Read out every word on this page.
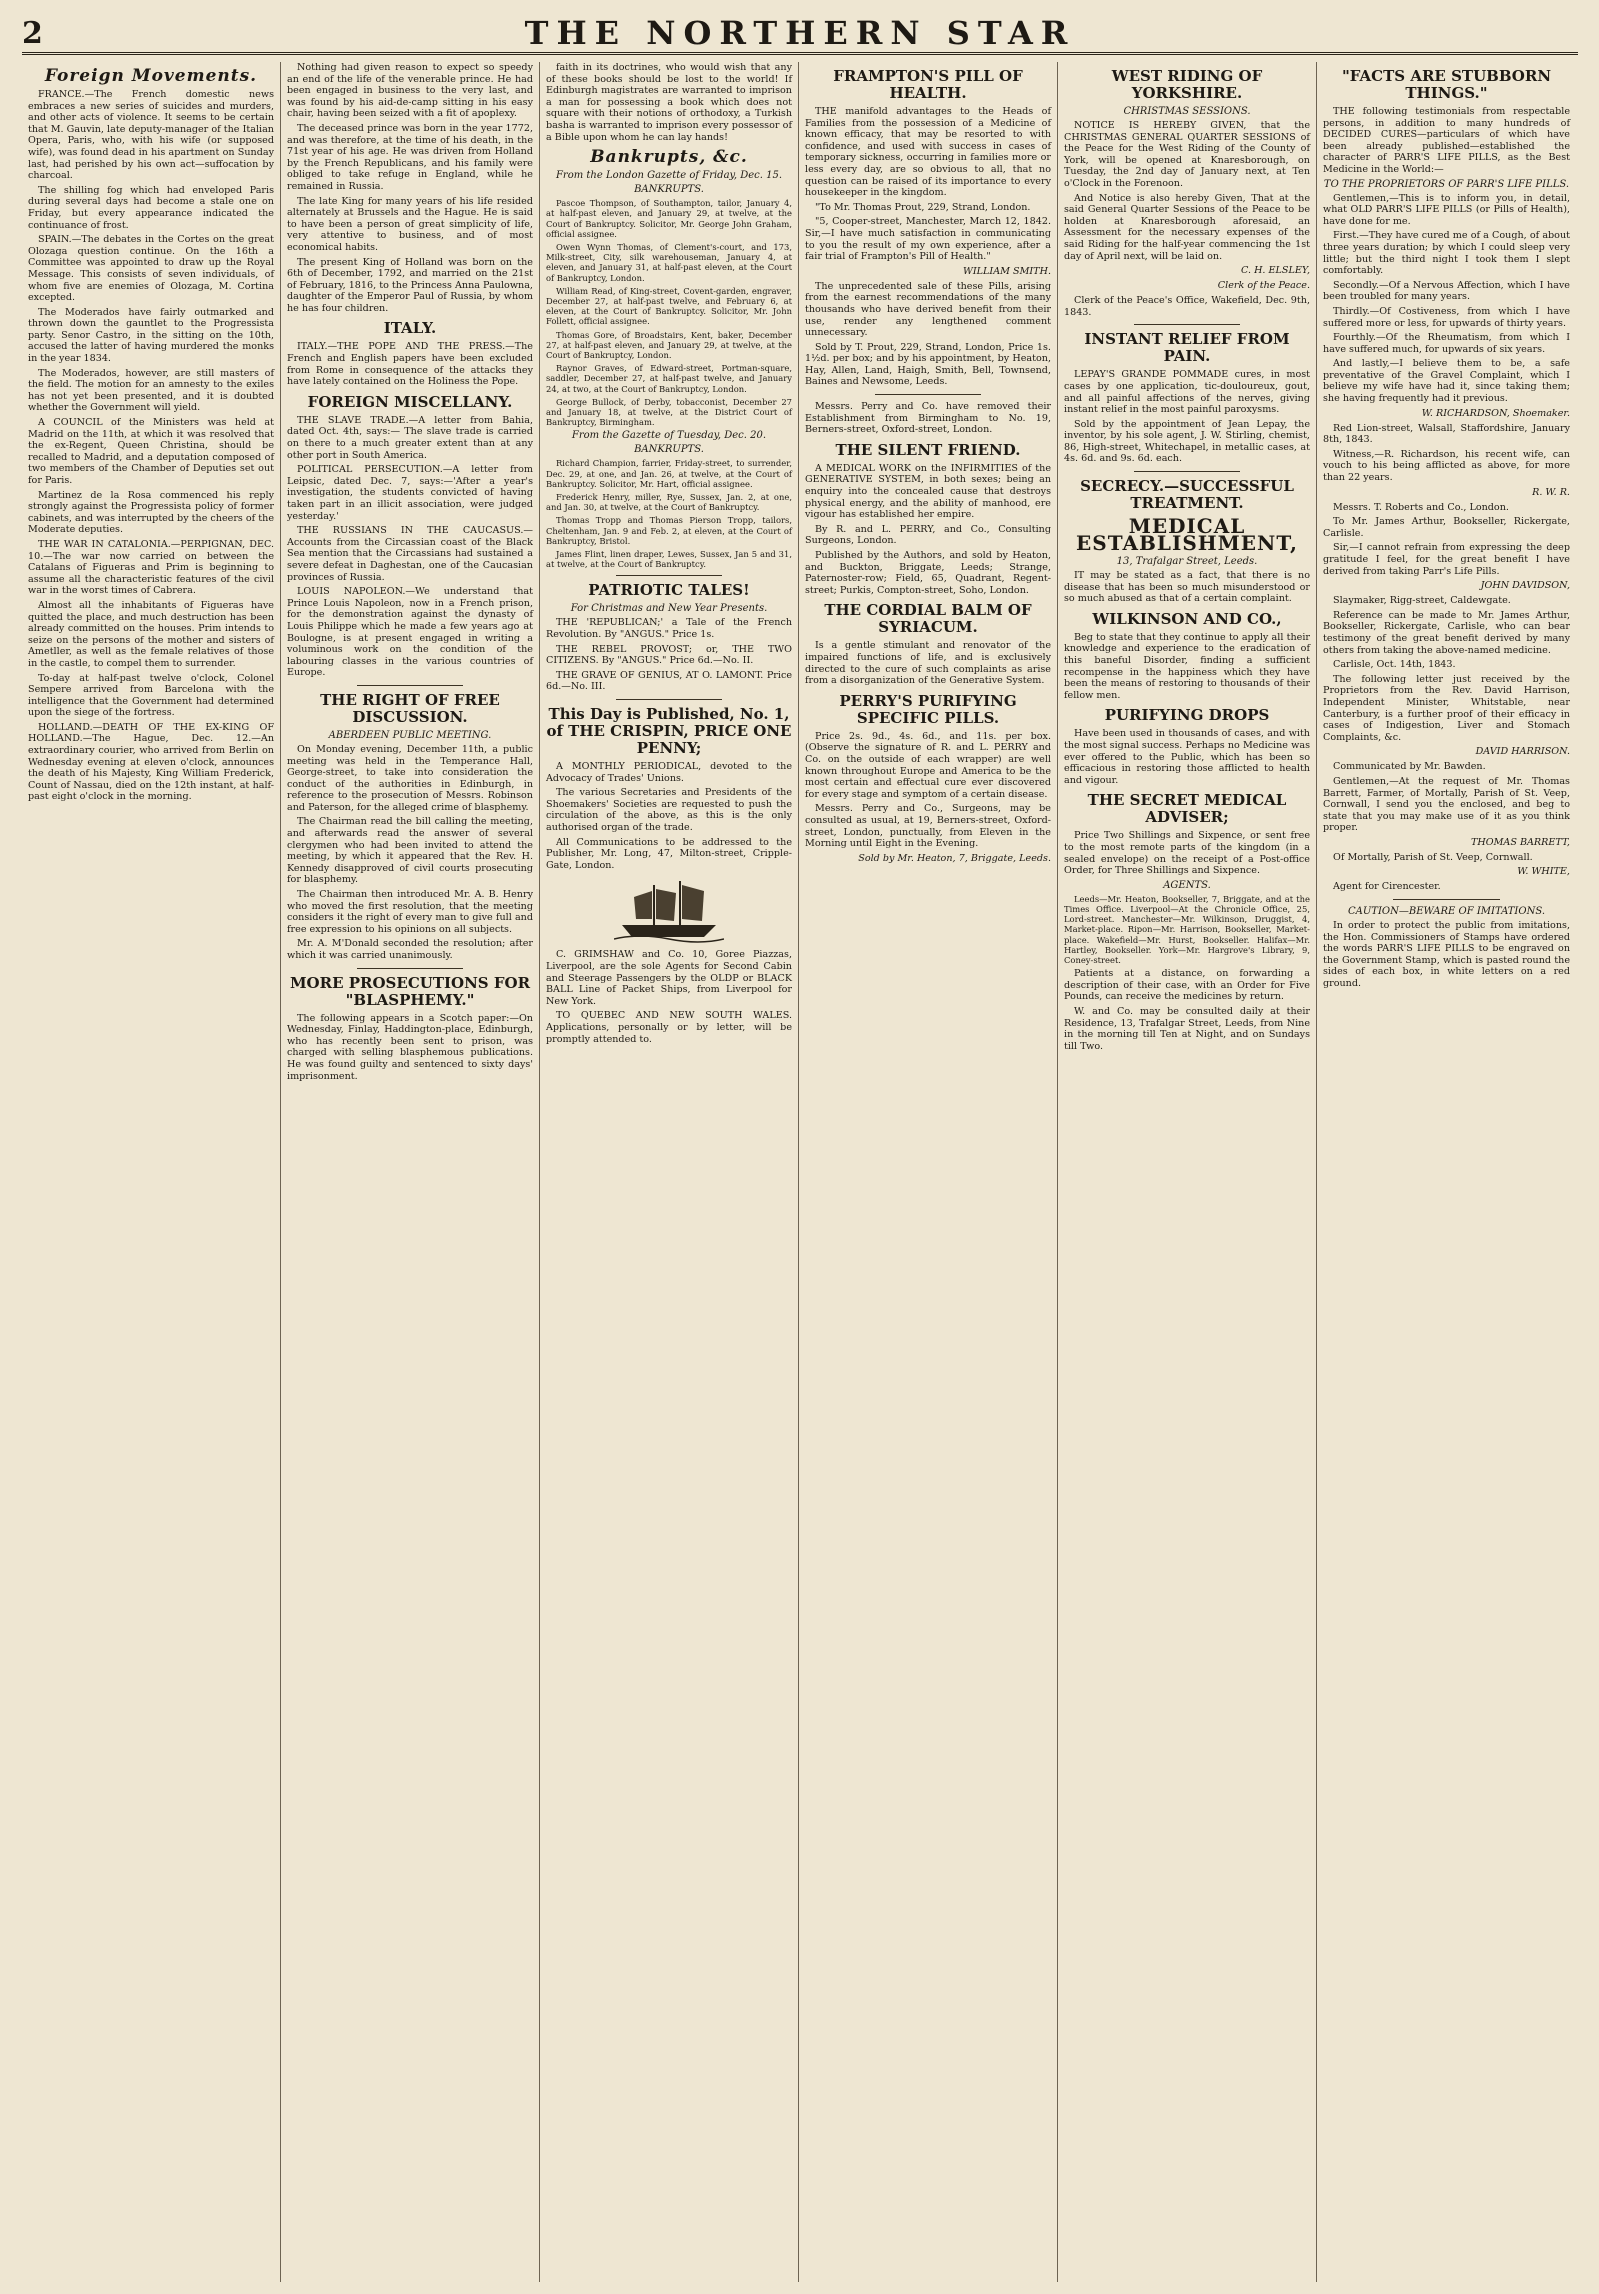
2	THE NORTHERN STAR
Foreign Movements.

FRANCE.—The French domestic news embraces a new series of suicides and murders, and other acts of violence. It seems to be certain that M. Gauvin, late deputy-manager of the Italian Opera, Paris, who, with his wife (or supposed wife), was found dead in his apartment on Sunday last, had perished by his own act—suffocation by charcoal.

The shilling fog which had enveloped Paris during several days had become a stale one on Friday, but every appearance indicated the continuance of frost.

SPAIN.—The debates in the Cortes on the great Olozaga question continue. On the 16th a Committee was appointed to draw up the Royal Message. This consists of seven individuals, of whom five are enemies of Olozaga, M. Cortina excepted.

The Moderados have fairly outmarked and thrown down the gauntlet to the Progressista party. Senor Castro, in the sitting on the 10th, accused the latter of having murdered the monks in the year 1834.

The Moderados, however, are still masters of the field. The motion for an amnesty to the exiles has not yet been presented, and it is doubted whether the Government will yield.

A COUNCIL of the Ministers was held at Madrid on the 11th, at which it was resolved that the ex-Regent, Queen Christina, should be recalled to Madrid, and a deputation composed of two members of the Chamber of Deputies set out for Paris.

Martinez de la Rosa commenced his reply strongly against the Progressista policy of former cabinets, and was interrupted by the cheers of the Moderate deputies.

THE WAR IN CATALONIA.—PERPIGNAN, DEC. 10.—The war now carried on between the Catalans of Figueras and Prim is beginning to assume all the characteristic features of the civil war in the worst times of Cabrera.

Almost all the inhabitants of Figueras have quitted the place, and much destruction has been already committed on the houses. Prim intends to seize on the persons of the mother and sisters of Ametller, as well as the female relatives of those in the castle, to compel them to surrender.

To-day at half-past twelve o'clock, Colonel Sempere arrived from Barcelona with the intelligence that the Government had determined upon the siege of the fortress.

HOLLAND.—DEATH OF THE EX-KING OF HOLLAND.—The Hague, Dec. 12.—An extraordinary courier, who arrived from Berlin on Wednesday evening at eleven o'clock, announces the death of his Majesty, King William Frederick, Count of Nassau, died on the 12th instant, at half-past eight o'clock in the morning.

Nothing had given reason to expect so speedy an end of the life of the venerable prince. He had been engaged in business to the very last, and was found by his aid-de-camp sitting in his easy chair, having been seized with a fit of apoplexy.

The deceased prince was born in the year 1772, and was therefore, at the time of his death, in the 71st year of his age. He was driven from Holland by the French Republicans, and his family were obliged to take refuge in England, while he remained in Russia.

The late King for many years of his life resided alternately at Brussels and the Hague. He is said to have been a person of great simplicity of life, very attentive to business, and of most economical habits.

The present King of Holland was born on the 6th of December, 1792, and married on the 21st of February, 1816, to the Princess Anna Paulowna, daughter of the Emperor Paul of Russia, by whom he has four children.

ITALY.

ITALY.—THE POPE AND THE PRESS.—The French and English papers have been excluded from Rome in consequence of the attacks they have lately contained on the Holiness the Pope.

FOREIGN MISCELLANY.

THE SLAVE TRADE.—A letter from Bahia, dated Oct. 4th, says:— The slave trade is carried on there to a much greater extent than at any other port in South America.

POLITICAL PERSECUTION.—A letter from Leipsic, dated Dec. 7, says:—'After a year's investigation, the students convicted of having taken part in an illicit association, were judged yesterday.'

THE RUSSIANS IN THE CAUCASUS.—Accounts from the Circassian coast of the Black Sea mention that the Circassians had sustained a severe defeat in Daghestan, one of the Caucasian provinces of Russia.

LOUIS NAPOLEON.—We understand that Prince Louis Napoleon, now in a French prison, for the demonstration against the dynasty of Louis Philippe which he made a few years ago at Boulogne, is at present engaged in writing a voluminous work on the condition of the labouring classes in the various countries of Europe.

THE RIGHT OF FREE DISCUSSION.
ABERDEEN PUBLIC MEETING.

On Monday evening, December 11th, a public meeting was held in the Temperance Hall, George-street, to take into consideration the conduct of the authorities in Edinburgh, in reference to the prosecution of Messrs. Robinson and Paterson, for the alleged crime of blasphemy.

The Chairman read the bill calling the meeting, and afterwards read the answer of several clergymen who had been invited to attend the meeting, by which it appeared that the Rev. H. Kennedy disapproved of civil courts prosecuting for blasphemy.

The Chairman then introduced Mr. A. B. Henry who moved the first resolution, that the meeting considers it the right of every man to give full and free expression to his opinions on all subjects.

Mr. A. M'Donald seconded the resolution; after which it was carried unanimously.

MORE PROSECUTIONS FOR "BLASPHEMY."

The following appears in a Scotch paper:—On Wednesday, Finlay, Haddington-place, Edinburgh, who has recently been sent to prison, was charged with selling blasphemous publications. He was found guilty and sentenced to sixty days' imprisonment.

faith in its doctrines, who would wish that any of these books should be lost to the world! If Edinburgh magistrates are warranted to imprison a man for possessing a book which does not square with their notions of orthodoxy, a Turkish basha is warranted to imprison every possessor of a Bible upon whom he can lay hands!

Bankrupts, &c.
From the London Gazette of Friday, Dec. 15.
BANKRUPTS.

Pascoe Thompson, of Southampton, tailor, January 4, at half-past eleven, and January 29, at twelve, at the Court of Bankruptcy. Solicitor, Mr. George John Graham, official assignee.

Owen Wynn Thomas, of Clement's-court, and 173, Milk-street, City, silk warehouseman, January 4, at eleven, and January 31, at half-past eleven, at the Court of Bankruptcy, London.

William Read, of King-street, Covent-garden, engraver, December 27, at half-past twelve, and February 6, at eleven, at the Court of Bankruptcy. Solicitor, Mr. John Follett, official assignee.

Thomas Gore, of Broadstairs, Kent, baker, December 27, at half-past eleven, and January 29, at twelve, at the Court of Bankruptcy, London.

Raynor Graves, of Edward-street, Portman-square, saddler, December 27, at half-past twelve, and January 24, at two, at the Court of Bankruptcy, London.

George Bullock, of Derby, tobacconist, December 27 and January 18, at twelve, at the District Court of Bankruptcy, Birmingham.

From the Gazette of Tuesday, Dec. 20.
BANKRUPTS.

Richard Champion, farrier, Friday-street, to surrender, Dec. 29, at one, and Jan. 26, at twelve, at the Court of Bankruptcy. Solicitor, Mr. Hart, official assignee.

Frederick Henry, miller, Rye, Sussex, Jan. 2, at one, and Jan. 30, at twelve, at the Court of Bankruptcy.

Thomas Tropp and Thomas Pierson Tropp, tailors, Cheltenham, Jan. 9 and Feb. 2, at eleven, at the Court of Bankruptcy, Bristol.

James Flint, linen draper, Lewes, Sussex, Jan 5 and 31, at twelve, at the Court of Bankruptcy.

PATRIOTIC TALES!
For Christmas and New Year Presents.

THE 'REPUBLICAN;' a Tale of the French Revolution. By "ANGUS." Price 1s.

THE REBEL PROVOST; or, THE TWO CITIZENS. By "ANGUS." Price 6d.—No. II.

THE GRAVE OF GENIUS, AT O. LAMONT. Price 6d.—No. III.

This Day is Published, No. 1, of THE CRISPIN, PRICE ONE PENNY;

A MONTHLY PERIODICAL, devoted to the Advocacy of Trades' Unions.

The various Secretaries and Presidents of the Shoemakers' Societies are requested to push the circulation of the above, as this is the only authorised organ of the trade.

All Communications to be addressed to the Publisher, Mr. Long, 47, Milton-street, Cripple-Gate, London.

C. GRIMSHAW and Co. 10, Goree Piazzas, Liverpool, are the sole Agents for Second Cabin and Steerage Passengers by the OLDP or BLACK BALL Line of Packet Ships, from Liverpool for New York.

TO QUEBEC AND NEW SOUTH WALES. Applications, personally or by letter, will be promptly attended to.

FRAMPTON'S PILL OF HEALTH.

THE manifold advantages to the Heads of Families from the possession of a Medicine of known efficacy, that may be resorted to with confidence, and used with success in cases of temporary sickness, occurring in families more or less every day, are so obvious to all, that no question can be raised of its importance to every housekeeper in the kingdom.

"To Mr. Thomas Prout, 229, Strand, London.

"5, Cooper-street, Manchester, March 12, 1842. Sir,—I have much satisfaction in communicating to you the result of my own experience, after a fair trial of Frampton's Pill of Health."

WILLIAM SMITH.

The unprecedented sale of these Pills, arising from the earnest recommendations of the many thousands who have derived benefit from their use, render any lengthened comment unnecessary.

Sold by T. Prout, 229, Strand, London, Price 1s. 1½d. per box; and by his appointment, by Heaton, Hay, Allen, Land, Haigh, Smith, Bell, Townsend, Baines and Newsome, Leeds.

Messrs. Perry and Co. have removed their Establishment from Birmingham to No. 19, Berners-street, Oxford-street, London.

THE SILENT FRIEND.

A MEDICAL WORK on the INFIRMITIES of the GENERATIVE SYSTEM, in both sexes; being an enquiry into the concealed cause that destroys physical energy, and the ability of manhood, ere vigour has established her empire.

By R. and L. PERRY, and Co., Consulting Surgeons, London.

Published by the Authors, and sold by Heaton, and Buckton, Briggate, Leeds; Strange, Paternoster-row; Field, 65, Quadrant, Regent-street; Purkis, Compton-street, Soho, London.

THE CORDIAL BALM OF SYRIACUM.

Is a gentle stimulant and renovator of the impaired functions of life, and is exclusively directed to the cure of such complaints as arise from a disorganization of the Generative System.

PERRY'S PURIFYING SPECIFIC PILLS.

Price 2s. 9d., 4s. 6d., and 11s. per box. (Observe the signature of R. and L. PERRY and Co. on the outside of each wrapper) are well known throughout Europe and America to be the most certain and effectual cure ever discovered for every stage and symptom of a certain disease.

Messrs. Perry and Co., Surgeons, may be consulted as usual, at 19, Berners-street, Oxford-street, London, punctually, from Eleven in the Morning until Eight in the Evening.

Sold by Mr. Heaton, 7, Briggate, Leeds.
WEST RIDING OF YORKSHIRE.
CHRISTMAS SESSIONS.

NOTICE IS HEREBY GIVEN, that the CHRISTMAS GENERAL QUARTER SESSIONS of the Peace for the West Riding of the County of York, will be opened at Knaresborough, on Tuesday, the 2nd day of January next, at Ten o'Clock in the Forenoon.

And Notice is also hereby Given, That at the said General Quarter Sessions of the Peace to be holden at Knaresborough aforesaid, an Assessment for the necessary expenses of the said Riding for the half-year commencing the 1st day of April next, will be laid on.

C. H. ELSLEY,
Clerk of the Peace.

Clerk of the Peace's Office, Wakefield, Dec. 9th, 1843.

INSTANT RELIEF FROM PAIN.

LEPAY'S GRANDE POMMADE cures, in most cases by one application, tic-douloureux, gout, and all painful affections of the nerves, giving instant relief in the most painful paroxysms.

Sold by the appointment of Jean Lepay, the inventor, by his sole agent, J. W. Stirling, chemist, 86, High-street, Whitechapel, in metallic cases, at 4s. 6d. and 9s. 6d. each.

SECRECY.—SUCCESSFUL TREATMENT.
MEDICAL ESTABLISHMENT,
13, Trafalgar Street, Leeds.

IT may be stated as a fact, that there is no disease that has been so much misunderstood or so much abused as that of a certain complaint.

WILKINSON AND CO.,

Beg to state that they continue to apply all their knowledge and experience to the eradication of this baneful Disorder, finding a sufficient recompense in the happiness which they have been the means of restoring to thousands of their fellow men.

PURIFYING DROPS

Have been used in thousands of cases, and with the most signal success. Perhaps no Medicine was ever offered to the Public, which has been so efficacious in restoring those afflicted to health and vigour.

THE SECRET MEDICAL ADVISER;

Price Two Shillings and Sixpence, or sent free to the most remote parts of the kingdom (in a sealed envelope) on the receipt of a Post-office Order, for Three Shillings and Sixpence.

AGENTS.

Leeds—Mr. Heaton, Bookseller, 7, Briggate, and at the Times Office. Liverpool—At the Chronicle Office, 25, Lord-street. Manchester—Mr. Wilkinson, Druggist, 4, Market-place. Ripon—Mr. Harrison, Bookseller, Market-place. Wakefield—Mr. Hurst, Bookseller. Halifax—Mr. Hartley, Bookseller. York—Mr. Hargrove's Library, 9, Coney-street.

Patients at a distance, on forwarding a description of their case, with an Order for Five Pounds, can receive the medicines by return.

W. and Co. may be consulted daily at their Residence, 13, Trafalgar Street, Leeds, from Nine in the morning till Ten at Night, and on Sundays till Two.

"FACTS ARE STUBBORN THINGS."

THE following testimonials from respectable persons, in addition to many hundreds of DECIDED CURES—particulars of which have been already published—established the character of PARR'S LIFE PILLS, as the Best Medicine in the World:—

TO THE PROPRIETORS OF PARR'S LIFE PILLS.

Gentlemen,—This is to inform you, in detail, what OLD PARR'S LIFE PILLS (or Pills of Health), have done for me.

First.—They have cured me of a Cough, of about three years duration; by which I could sleep very little; but the third night I took them I slept comfortably.

Secondly.—Of a Nervous Affection, which I have been troubled for many years.

Thirdly.—Of Costiveness, from which I have suffered more or less, for upwards of thirty years.

Fourthly.—Of the Rheumatism, from which I have suffered much, for upwards of six years.

And lastly,—I believe them to be, a safe preventative of the Gravel Complaint, which I believe my wife have had it, since taking them; she having frequently had it previous.

W. RICHARDSON, Shoemaker.

Red Lion-street, Walsall, Staffordshire, January 8th, 1843.

Witness,—R. Richardson, his recent wife, can vouch to his being afflicted as above, for more than 22 years.

R. W. R.

Messrs. T. Roberts and Co., London.

To Mr. James Arthur, Bookseller, Rickergate, Carlisle.

Sir,—I cannot refrain from expressing the deep gratitude I feel, for the great benefit I have derived from taking Parr's Life Pills.

JOHN DAVIDSON,

Slaymaker, Rigg-street, Caldewgate.

Reference can be made to Mr. James Arthur, Bookseller, Rickergate, Carlisle, who can bear testimony of the great benefit derived by many others from taking the above-named medicine.

Carlisle, Oct. 14th, 1843.

The following letter just received by the Proprietors from the Rev. David Harrison, Independent Minister, Whitstable, near Canterbury, is a further proof of their efficacy in cases of Indigestion, Liver and Stomach Complaints, &c.

DAVID HARRISON.

Communicated by Mr. Bawden.

Gentlemen,—At the request of Mr. Thomas Barrett, Farmer, of Mortally, Parish of St. Veep, Cornwall, I send you the enclosed, and beg to state that you may make use of it as you think proper.

THOMAS BARRETT,

Of Mortally, Parish of St. Veep, Cornwall.

W. WHITE,

Agent for Cirencester.

CAUTION—BEWARE OF IMITATIONS.

In order to protect the public from imitations, the Hon. Commissioners of Stamps have ordered the words PARR'S LIFE PILLS to be engraved on the Government Stamp, which is pasted round the sides of each box, in white letters on a red ground.
